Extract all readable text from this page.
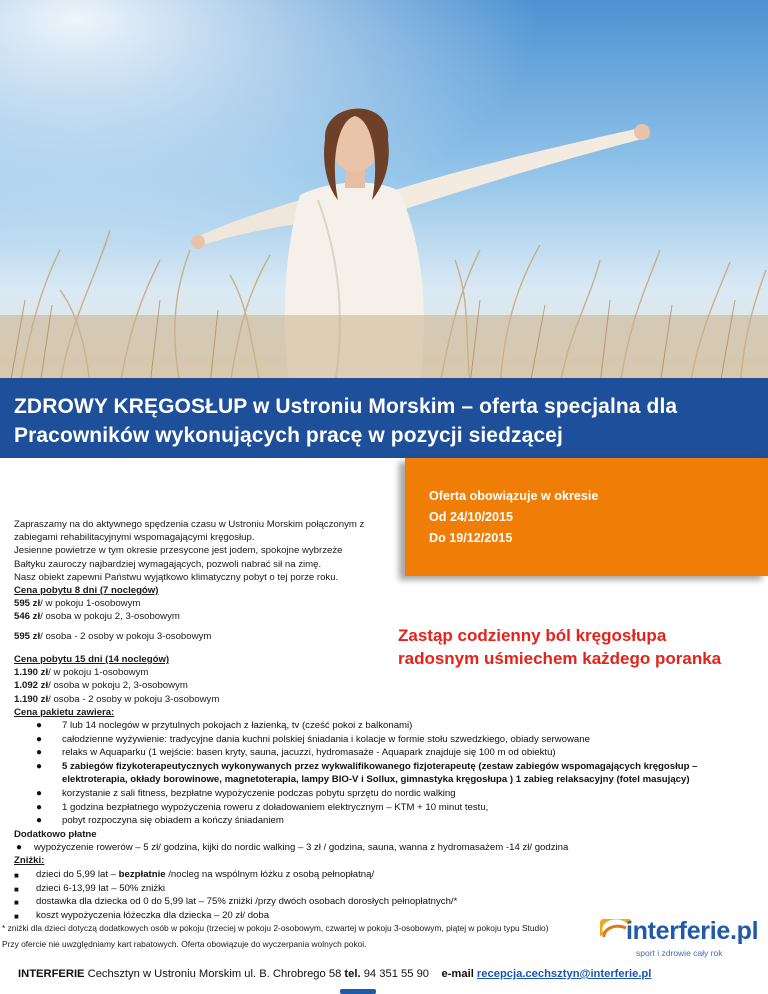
ZDROWY KRĘGOSŁUP w Ustroniu Morskim – oferta specjalna dla
Pracowników wykonujących pracę w pozycji siedzącej

Oferta obowiązuje w okresie

Od 24/10/2015

Do 19/12/2015

Zapraszamy na do aktywnego spędzenia czasu w Ustroniu Morskim połączonym z
zabiegami rehabilitacyjnymi wspomagającymi kręgosłup.
Jesienne powietrze w tym okresie przesycone jest jodem, spokojne wybrzeże
Bałtyku zauroczy najbardziej wymagających, pozwoli nabrać sił na zimę.
Nasz obiekt zapewni Państwu wyjątkowo klimatyczny pobyt o tej porze roku.
Cena pobytu 8 dni (7 noclegów)
595 zł/ w pokoju 1-osobowym
546 zł/ osoba w pokoju 2, 3-osobowym
595 zł/ osoba - 2 osoby w pokoju 3-osobowym
Cena pobytu 15 dni (14 noclegów)
1.190 zł/ w pokoju 1-osobowym
1.092 zł/ osoba w pokoju 2, 3-osobowym
1.190 zł/ osoba - 2 osoby w pokoju 3-osobowym
Cena pakietu zawiera:
Zastąp codzienny ból kręgosłupa
radosnym uśmiechem każdego poranka
● 7 lub 14 noclegów w przytulnych pokojach z łazienką, tv (cześć pokoi z balkonami)
● całodzienne wyżywienie: tradycyjne dania kuchni polskiej śniadania i kolacje w formie stołu szwedzkiego, obiady serwowane
● relaks w Aquaparku (1 wejście: basen kryty, sauna, jacuzzi, hydromasaże - Aquapark znajduje się 100 m od obiektu)
● 5 zabiegów fizykoterapeutycznych wykonywanych przez wykwalifikowanego fizjoterapeutę (zestaw zabiegów wspomagających kręgosłup –
elektroterapia, okłady borowinowe, magnetoterapia, lampy BIO-V i Sollux, gimnastyka kręgosłupa ) 1 zabieg relaksacyjny (fotel masujący)
● korzystanie z sali fitness, bezpłatne wypożyczenie podczas pobytu sprzętu do nordic walking
● 1 godzina bezpłatnego wypożyczenia roweru z doładowaniem elektrycznym – KTM + 10 minut testu,
● pobyt rozpoczyna się obiadem a kończy śniadaniem
Dodatkowo płatne
● wypożyczenie rowerów – 5 zł/ godzina, kijki do nordic walking – 3 zł / godzina, sauna, wanna z hydromasażem -14 zł/ godzina
Zniżki:
■ dzieci do 5,99 lat – bezpłatnie /nocleg na wspólnym łóżku z osobą pełnopłatną/
■ dzieci 6-13,99 lat – 50% zniżki
■ dostawka dla dziecka od 0 do 5,99 lat – 75% zniżki /przy dwóch osobach dorosłych pełnopłatnych/*
■ koszt wypożyczenia łóżeczka dla dziecka – 20 zł/ doba
* zniżki dla dzieci dotyczą dodatkowych osób w pokoju (trzeciej w pokoju 2-osobowym, czwartej w pokoju 3-osobowym, piątej w pokoju typu Studio)
Przy ofercie nie uwzględniamy kart rabatowych. Oferta obowiązuje do wyczerpania wolnych pokoi.	interferie.pl
sport i zdrowie cały rok
INTERFERIE Cechsztyn w Ustroniu Morskim ul. B. Chrobrego 58 tel. 94 351 55 90 e-mail recepcja.cechsztyn@interferie.pl
